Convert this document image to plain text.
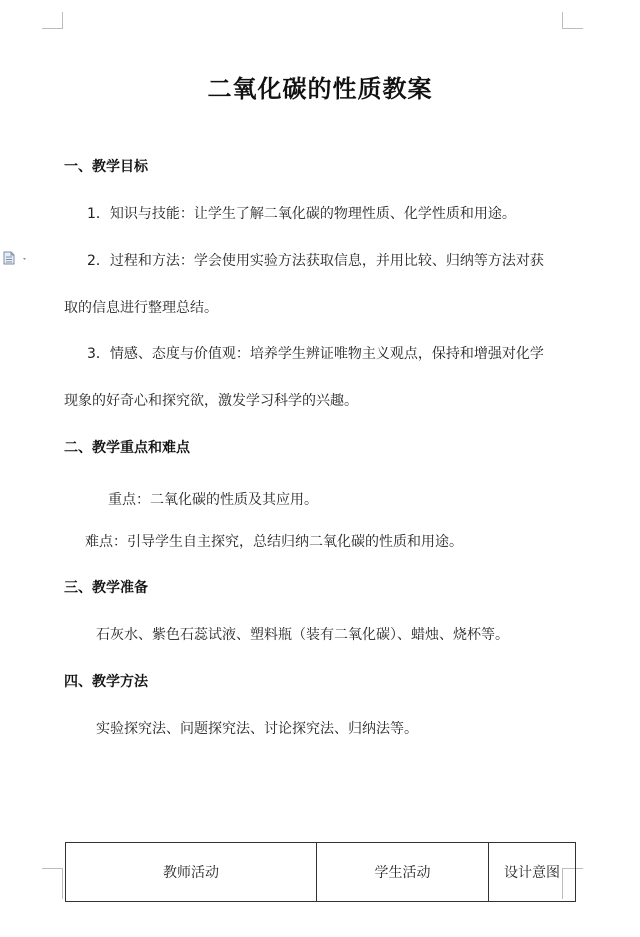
二氧化碳的性质教案
一、教学目标
1．知识与技能：让学生了解二氧化碳的物理性质、化学性质和用途。
2．过程和方法：学会使用实验方法获取信息，并用比较、归纳等方法对获
取的信息进行整理总结。
3．情感、态度与价值观：培养学生辨证唯物主义观点，保持和增强对化学
现象的好奇心和探究欲，激发学习科学的兴趣。
二、教学重点和难点
重点：二氧化碳的性质及其应用。
难点：引导学生自主探究，总结归纳二氧化碳的性质和用途。
三、教学准备
石灰水、紫色石蕊试液、塑料瓶（装有二氧化碳）、蜡烛、烧杯等。
四、教学方法
实验探究法、问题探究法、讨论探究法、归纳法等。
教师活动	学生活动	设计意图
